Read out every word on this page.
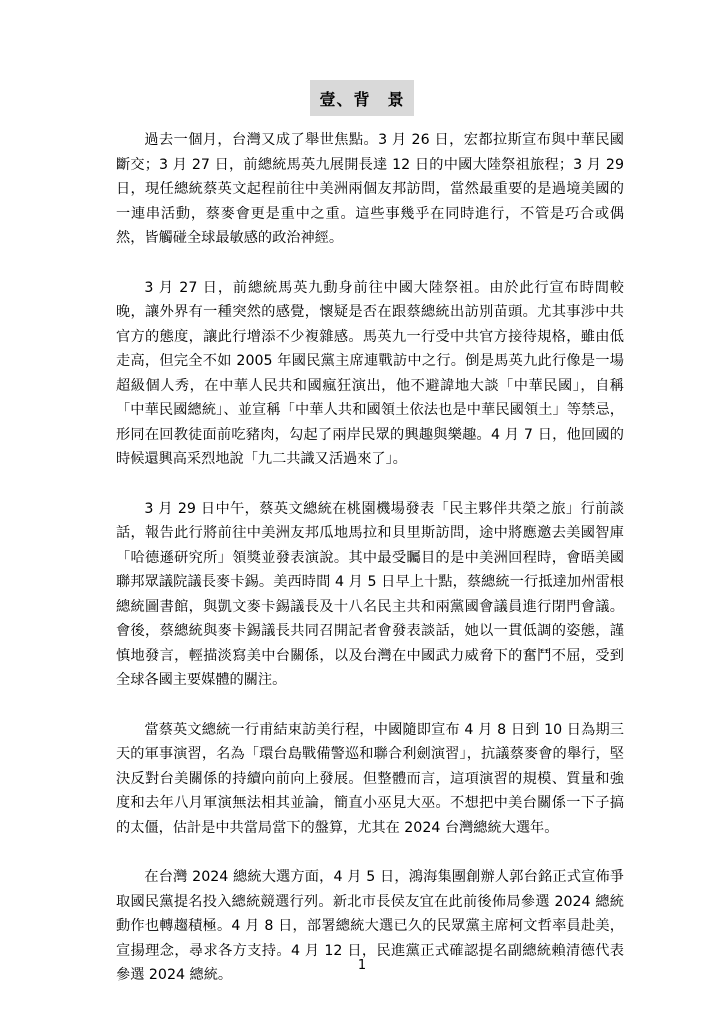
壹、背　景

過去一個月，台灣又成了舉世焦點。3 月 26 日，宏都拉斯宣布與中華民國斷交；3 月 27 日，前總統馬英九展開長達 12 日的中國大陸祭祖旅程；3 月 29 日，現任總統蔡英文起程前往中美洲兩個友邦訪問，當然最重要的是過境美國的一連串活動，蔡麥會更是重中之重。這些事幾乎在同時進行，不管是巧合或偶然，皆觸碰全球最敏感的政治神經。

3 月 27 日，前總統馬英九動身前往中國大陸祭祖。由於此行宣布時間較晚，讓外界有一種突然的感覺，懷疑是否在跟蔡總統出訪別苗頭。尤其事涉中共官方的態度，讓此行增添不少複雜感。馬英九一行受中共官方接待規格，雖由低走高，但完全不如 2005 年國民黨主席連戰訪中之行。倒是馬英九此行像是一場超級個人秀，在中華人民共和國瘋狂演出，他不避諱地大談「中華民國」，自稱「中華民國總統」、並宣稱「中華人共和國領土依法也是中華民國領土」等禁忌，形同在回教徒面前吃豬肉，勾起了兩岸民眾的興趣與樂趣。4 月 7 日，他回國的時候還興高采烈地說「九二共識又活過來了」。

3 月 29 日中午，蔡英文總統在桃園機場發表「民主夥伴共榮之旅」行前談話，報告此行將前往中美洲友邦瓜地馬拉和貝里斯訪問，途中將應邀去美國智庫「哈德遜研究所」領獎並發表演說。其中最受矚目的是中美洲回程時，會晤美國聯邦眾議院議長麥卡錫。美西時間 4 月 5 日早上十點，蔡總統一行抵達加州雷根總統圖書館，與凱文麥卡錫議長及十八名民主共和兩黨國會議員進行閉門會議。會後，蔡總統與麥卡錫議長共同召開記者會發表談話，她以一貫低調的姿態，謹慎地發言，輕描淡寫美中台關係，以及台灣在中國武力威脅下的奮鬥不屈，受到全球各國主要媒體的關注。

當蔡英文總統一行甫結束訪美行程，中國隨即宣布 4 月 8 日到 10 日為期三天的軍事演習，名為「環台島戰備警巡和聯合利劍演習」，抗議蔡麥會的舉行，堅決反對台美關係的持續向前向上發展。但整體而言，這項演習的規模、質量和強度和去年八月軍演無法相其並論，簡直小巫見大巫。不想把中美台關係一下子搞的太僵，估計是中共當局當下的盤算，尤其在 2024 台灣總統大選年。

在台灣 2024 總統大選方面，4 月 5 日，鴻海集團創辦人郭台銘正式宣佈爭取國民黨提名投入總統競選行列。新北市長侯友宜在此前後佈局參選 2024 總統動作也轉趨積極。4 月 8 日，部署總統大選已久的民眾黨主席柯文哲率員赴美，宣揚理念，尋求各方支持。4 月 12 日，民進黨正式確認提名副總統賴清德代表參選 2024 總統。

1
